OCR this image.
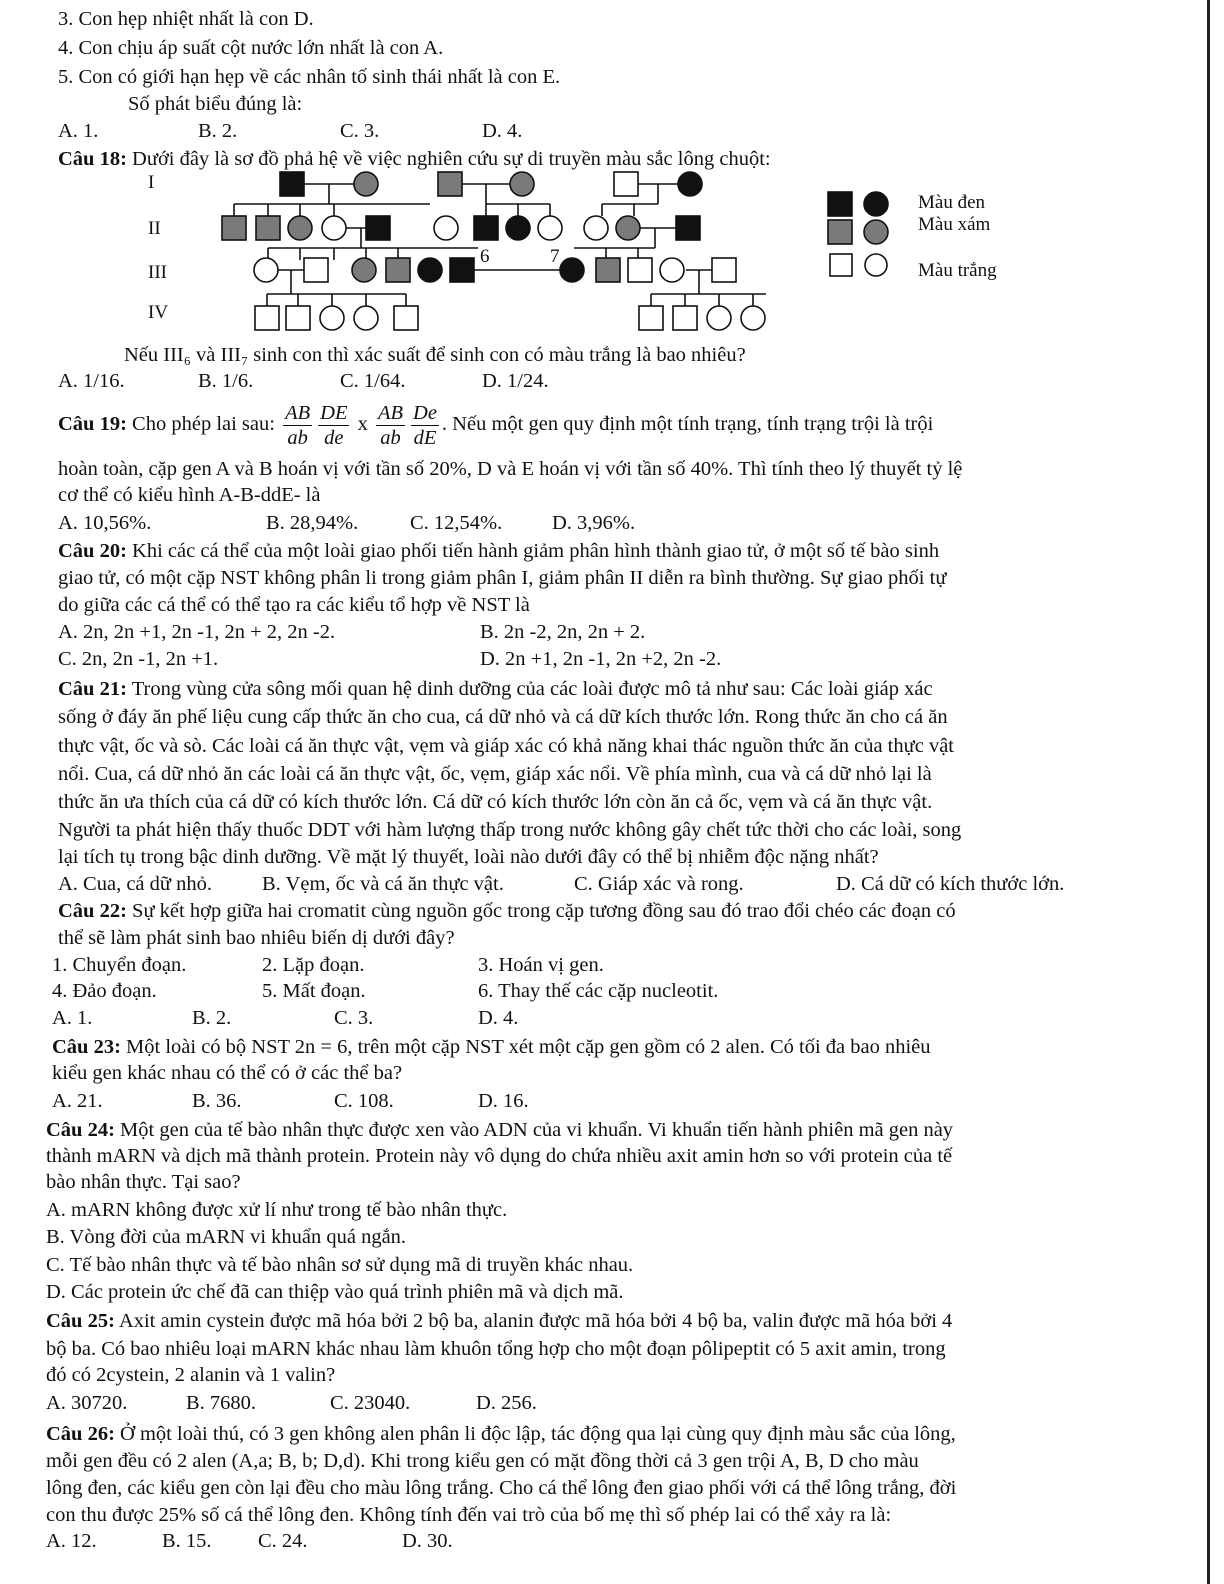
3. Con hẹp nhiệt nhất là con D.
4. Con chịu áp suất cột nước lớn nhất là con A.
5. Con có giới hạn hẹp về các nhân tố sinh thái nhất là con E.
Số phát biểu đúng là:
A. 1.	B. 2.	C. 3.	D. 4.
Câu 18: Dưới đây là sơ đồ phả hệ về việc nghiên cứu sự di truyền màu sắc lông chuột:
I
II
III
IV
6	7
Màu đen
Màu xám
Màu trắng
Nếu III₆ và III₇ sinh con thì xác suất để sinh con có màu trắng là bao nhiêu?
A. 1/16.	B. 1/6.	C. 1/64.	D. 1/24.
Câu 19: Cho phép lai sau: $\frac{AB}{ab} \frac{DE}{de}$ x $\frac{AB}{ab} \frac{De}{dE}$ . Nếu một gen quy định một tính trạng, tính trạng trội là trội
hoàn toàn, cặp gen A và B hoán vị với tần số 20%, D và E hoán vị với tần số 40%. Thì tính theo lý thuyết tỷ lệ
cơ thể có kiểu hình A-B-ddE- là
A. 10,56%.	B. 28,94%.	C. 12,54%. D. 3,96%.
Câu 20: Khi các cá thể của một loài giao phối tiến hành giảm phân hình thành giao tử, ở một số tế bào sinh
giao tử, có một cặp NST không phân li trong giảm phân I, giảm phân II diễn ra bình thường. Sự giao phối tự
do giữa các cá thể có thể tạo ra các kiểu tổ hợp về NST là
A. 2n, 2n +1, 2n -1, 2n + 2, 2n -2.	B. 2n -2, 2n, 2n + 2.
C. 2n, 2n -1, 2n +1.	D. 2n +1, 2n -1, 2n +2, 2n -2.
Câu 21: Trong vùng cửa sông mối quan hệ dinh dưỡng của các loài được mô tả như sau: Các loài giáp xác
sống ở đáy ăn phế liệu cung cấp thức ăn cho cua, cá dữ nhỏ và cá dữ kích thước lớn. Rong thức ăn cho cá ăn
thực vật, ốc và sò. Các loài cá ăn thực vật, vẹm và giáp xác có khả năng khai thác nguồn thức ăn của thực vật
nổi. Cua, cá dữ nhỏ ăn các loài cá ăn thực vật, ốc, vẹm, giáp xác nổi. Về phía mình, cua và cá dữ nhỏ lại là
thức ăn ưa thích của cá dữ có kích thước lớn. Cá dữ có kích thước lớn còn ăn cả ốc, vẹm và cá ăn thực vật.
Người ta phát hiện thấy thuốc DDT với hàm lượng thấp trong nước không gây chết tức thời cho các loài, song
lại tích tụ trong bậc dinh dưỡng. Về mặt lý thuyết, loài nào dưới đây có thể bị nhiễm độc nặng nhất?
A. Cua, cá dữ nhỏ. B. Vẹm, ốc và cá ăn thực vật.	C. Giáp xác và rong.	D. Cá dữ có kích thước lớn.
Câu 22: Sự kết hợp giữa hai cromatit cùng nguồn gốc trong cặp tương đồng sau đó trao đổi chéo các đoạn có
thể sẽ làm phát sinh bao nhiêu biến dị dưới đây?
1. Chuyển đoạn.	2. Lặp đoạn.	3. Hoán vị gen.
4. Đảo đoạn.	5. Mất đoạn.	6. Thay thế các cặp nucleotit.
A. 1.	B. 2.	C. 3.	D. 4.
Câu 23: Một loài có bộ NST 2n = 6, trên một cặp NST xét một cặp gen gồm có 2 alen. Có tối đa bao nhiêu
kiểu gen khác nhau có thể có ở các thể ba?
A. 21.	B. 36.	C. 108.	D. 16.
Câu 24: Một gen của tế bào nhân thực được xen vào ADN của vi khuẩn. Vi khuẩn tiến hành phiên mã gen này
thành mARN và dịch mã thành protein. Protein này vô dụng do chứa nhiều axit amin hơn so với protein của tế
bào nhân thực. Tại sao?
A. mARN không được xử lí như trong tế bào nhân thực.
B. Vòng đời của mARN vi khuẩn quá ngắn.
C. Tế bào nhân thực và tế bào nhân sơ sử dụng mã di truyền khác nhau.
D. Các protein ức chế đã can thiệp vào quá trình phiên mã và dịch mã.
Câu 25: Axit amin cystein được mã hóa bởi 2 bộ ba, alanin được mã hóa bởi 4 bộ ba, valin được mã hóa bởi 4
bộ ba. Có bao nhiêu loại mARN khác nhau làm khuôn tổng hợp cho một đoạn pôlipeptit có 5 axit amin, trong
đó có 2cystein, 2 alanin và 1 valin?
A. 30720.	B. 7680.	C. 23040.	D. 256.
Câu 26: Ở một loài thú, có 3 gen không alen phân li độc lập, tác động qua lại cùng quy định màu sắc của lông,
mỗi gen đều có 2 alen (A,a; B, b; D,d). Khi trong kiểu gen có mặt đồng thời cả 3 gen trội A, B, D cho màu
lông đen, các kiểu gen còn lại đều cho màu lông trắng. Cho cá thể lông đen giao phối với cá thể lông trắng, đời
con thu được 25% số cá thể lông đen. Không tính đến vai trò của bố mẹ thì số phép lai có thể xảy ra là:
A. 12.	B. 15. C. 24.	D. 30.
